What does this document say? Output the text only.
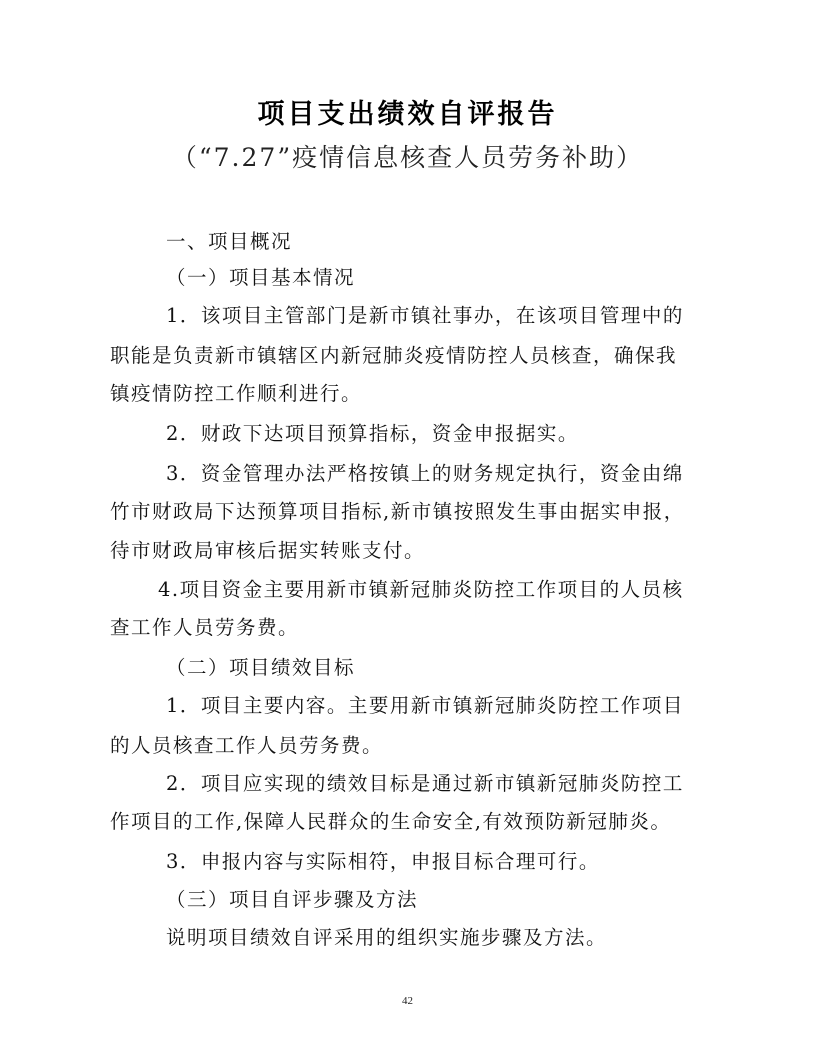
项目支出绩效自评报告
（“7.27”疫情信息核查人员劳务补助）
一、项目概况
（一）项目基本情况
1．该项目主管部门是新市镇社事办，在该项目管理中的
职能是负责新市镇辖区内新冠肺炎疫情防控人员核查，确保我
镇疫情防控工作顺利进行。
2．财政下达项目预算指标，资金申报据实。
3．资金管理办法严格按镇上的财务规定执行，资金由绵
竹市财政局下达预算项目指标,新市镇按照发生事由据实申报，
待市财政局审核后据实转账支付。
4.项目资金主要用新市镇新冠肺炎防控工作项目的人员核
查工作人员劳务费。
（二）项目绩效目标
1．项目主要内容。主要用新市镇新冠肺炎防控工作项目
的人员核查工作人员劳务费。
2．项目应实现的绩效目标是通过新市镇新冠肺炎防控工
作项目的工作,保障人民群众的生命安全,有效预防新冠肺炎。
3．申报内容与实际相符，申报目标合理可行。
（三）项目自评步骤及方法
说明项目绩效自评采用的组织实施步骤及方法。
42
